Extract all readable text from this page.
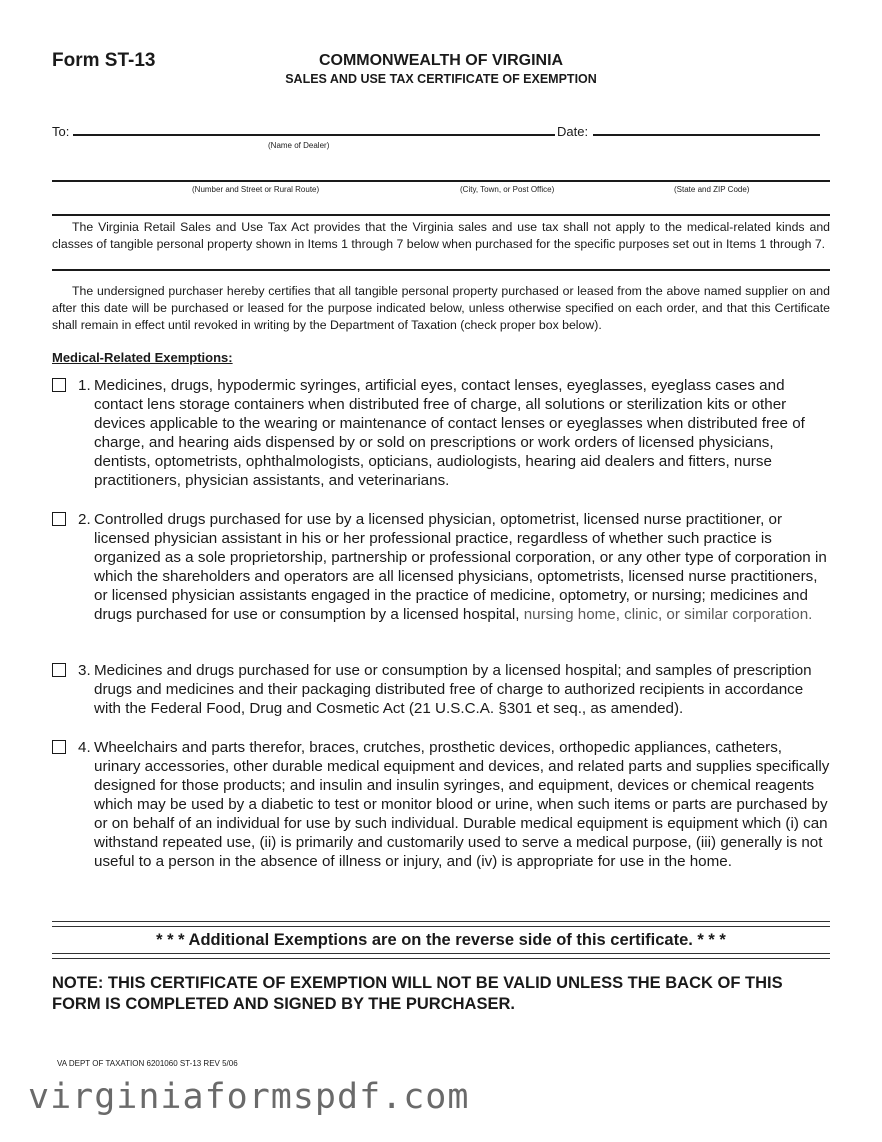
Form ST-13	COMMONWEALTH OF VIRGINIA
SALES AND USE TAX CERTIFICATE OF EXEMPTION
To:	Date:
(Name of Dealer)
(Number and Street or Rural Route)	(City, Town, or Post Office)	(State and ZIP Code)
The Virginia Retail Sales and Use Tax Act provides that the Virginia sales and use tax shall not apply to the medical-related kinds and classes of tangible personal property shown in Items 1 through 7 below when purchased for the specific purposes set out in Items 1 through 7.
The undersigned purchaser hereby certifies that all tangible personal property purchased or leased from the above named supplier on and after this date will be purchased or leased for the purpose indicated below, unless otherwise specified on each order, and that this Certificate shall remain in effect until revoked in writing by the Department of Taxation (check proper box below).
Medical-Related Exemptions:
1. Medicines, drugs, hypodermic syringes, artificial eyes, contact lenses, eyeglasses, eyeglass cases and contact lens storage containers when distributed free of charge, all solutions or sterilization kits or other devices applicable to the wearing or maintenance of contact lenses or eyeglasses when distributed free of charge, and hearing aids dispensed by or sold on prescriptions or work orders of licensed physicians, dentists, optometrists, ophthalmologists, opticians, audiologists, hearing aid dealers and fitters, nurse practitioners, physician assistants, and veterinarians.
2. Controlled drugs purchased for use by a licensed physician, optometrist, licensed nurse practitioner, or licensed physician assistant in his or her professional practice, regardless of whether such practice is organized as a sole proprietorship, partnership or professional corporation, or any other type of corporation in which the shareholders and operators are all licensed physicians, optometrists, licensed nurse practitioners, or licensed physician assistants engaged in the practice of medicine, optometry, or nursing; medicines and drugs purchased for use or consumption by a licensed hospital, nursing home, clinic, or similar corporation.
3. Medicines and drugs purchased for use or consumption by a licensed hospital; and samples of prescription drugs and medicines and their packaging distributed free of charge to authorized recipients in accordance with the Federal Food, Drug and Cosmetic Act (21 U.S.C.A. §301 et seq., as amended).
4. Wheelchairs and parts therefor, braces, crutches, prosthetic devices, orthopedic appliances, catheters, urinary accessories, other durable medical equipment and devices, and related parts and supplies specifically designed for those products; and insulin and insulin syringes, and equipment, devices or chemical reagents which may be used by a diabetic to test or monitor blood or urine, when such items or parts are purchased by or on behalf of an individual for use by such individual. Durable medical equipment is equipment which (i) can withstand repeated use, (ii) is primarily and customarily used to serve a medical purpose, (iii) generally is not useful to a person in the absence of illness or injury, and (iv) is appropriate for use in the home.
* * * Additional Exemptions are on the reverse side of this certificate. * * *
NOTE: THIS CERTIFICATE OF EXEMPTION WILL NOT BE VALID UNLESS THE BACK OF THIS FORM IS COMPLETED AND SIGNED BY THE PURCHASER.
VA DEPT OF TAXATION 6201060 ST-13 REV 5/06
virginiaformspdf.com
